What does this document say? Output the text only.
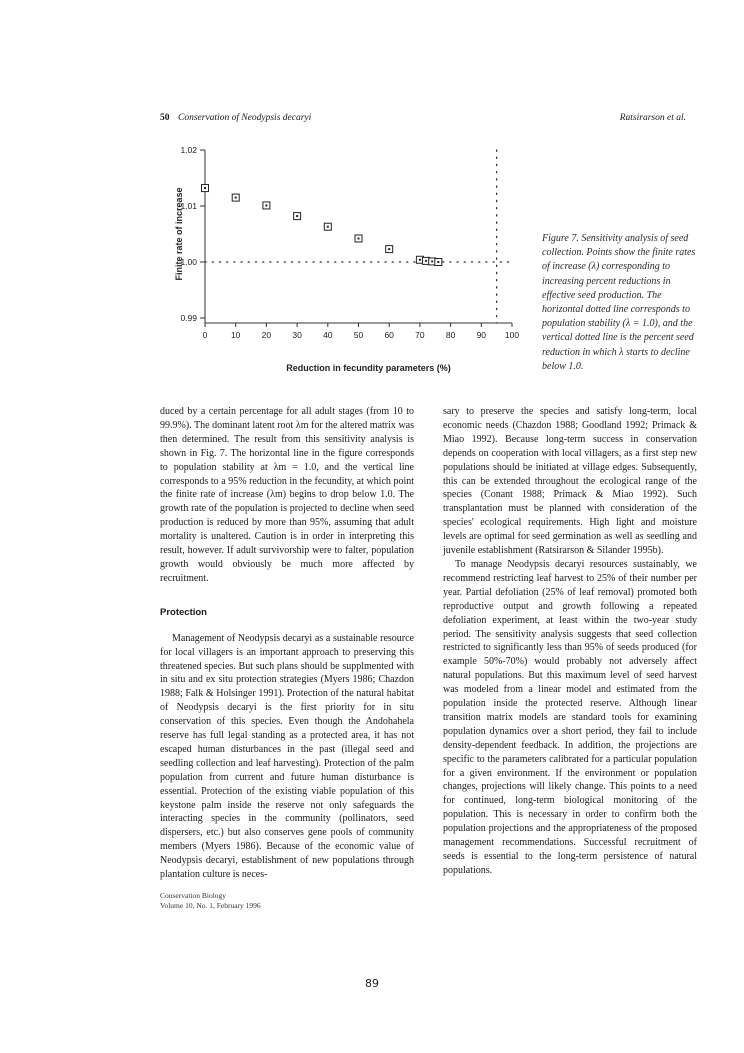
50 Conservation of Neodypsis decaryi	Ratsirarson et al.
0.99
1.00
1.01
1.02
0	10 20 30 40 50 60 70 80 90 100
Finite rate of increase
Reduction in fecundity parameters (%)
Figure 7. Sensitivity analysis of seed collection. Points show the finite rates of increase (λ) corresponding to increasing percent reductions in effective seed production. The horizontal dotted line corresponds to population stability (λ = 1.0), and the vertical dotted line is the percent seed reduction in which λ starts to decline below 1.0.

duced by a certain percentage for all adult stages (from 10 to 99.9%). The dominant latent root λm for the altered matrix was then determined. The result from this sensitivity analysis is shown in Fig. 7. The horizontal line in the figure corresponds to population stability at λm = 1.0, and the vertical line corresponds to a 95% reduction in the fecundity, at which point the finite rate of increase (λm) begins to drop below 1.0. The growth rate of the population is projected to decline when seed production is reduced by more than 95%, assuming that adult mortality is unaltered. Caution is in order in interpreting this result, however. If adult survivorship were to falter, population growth would obviously be much more affected by recruitment.

Protection

Management of Neodypsis decaryi as a sustainable resource for local villagers is an important approach to preserving this threatened species. But such plans should be supplmented with in situ and ex situ protection strategies (Myers 1986; Chazdon 1988; Falk & Holsinger 1991). Protection of the natural habitat of Neodypsis decaryi is the first priority for in situ conservation of this species. Even though the Andohahela reserve has full legal standing as a protected area, it has not escaped human disturbances in the past (illegal seed and seedling collection and leaf harvesting). Protection of the palm population from current and future human disturbance is essential. Protection of the existing viable population of this keystone palm inside the reserve not only safeguards the interacting species in the community (pollinators, seed dispersers, etc.) but also conserves gene pools of community members (Myers 1986). Because of the economic value of Neodypsis decaryi, establishment of new populations through plantation culture is neces-

sary to preserve the species and satisfy long-term, local economic needs (Chazdon 1988; Goodland 1992; Primack & Miao 1992). Because long-term success in conservation depends on cooperation with local villagers, as a first step new populations should be initiated at village edges. Subsequently, this can be extended throughout the ecological range of the species (Conant 1988; Primack & Miao 1992). Such transplantation must be planned with consideration of the species' ecological requirements. High light and moisture levels are optimal for seed germination as well as seedling and juvenile establishment (Ratsirarson & Silander 1995b).

To manage Neodypsis decaryi resources sustainably, we recommend restricting leaf harvest to 25% of their number per year. Partial defoliation (25% of leaf removal) promoted both reproductive output and growth following a repeated defoliation experiment, at least within the two-year study period. The sensitivity analysis suggests that seed collection restricted to significantly less than 95% of seeds produced (for example 50%-70%) would probably not adversely affect natural populations. But this maximum level of seed harvest was modeled from a linear model and estimated from the population inside the protected reserve. Although linear transition matrix models are standard tools for examining population dynamics over a short period, they fail to include density-dependent feedback. In addition, the projections are specific to the parameters calibrated for a particular population for a given environment. If the environment or population changes, projections will likely change. This points to a need for continued, long-term biological monitoring of the population. This is necessary in order to confirm both the population projections and the appropriateness of the proposed management recommendations. Successful recruitment of seeds is essential to the long-term persistence of natural populations.

Conservation Biology
Volume 10, No. 1, February 1996
89
